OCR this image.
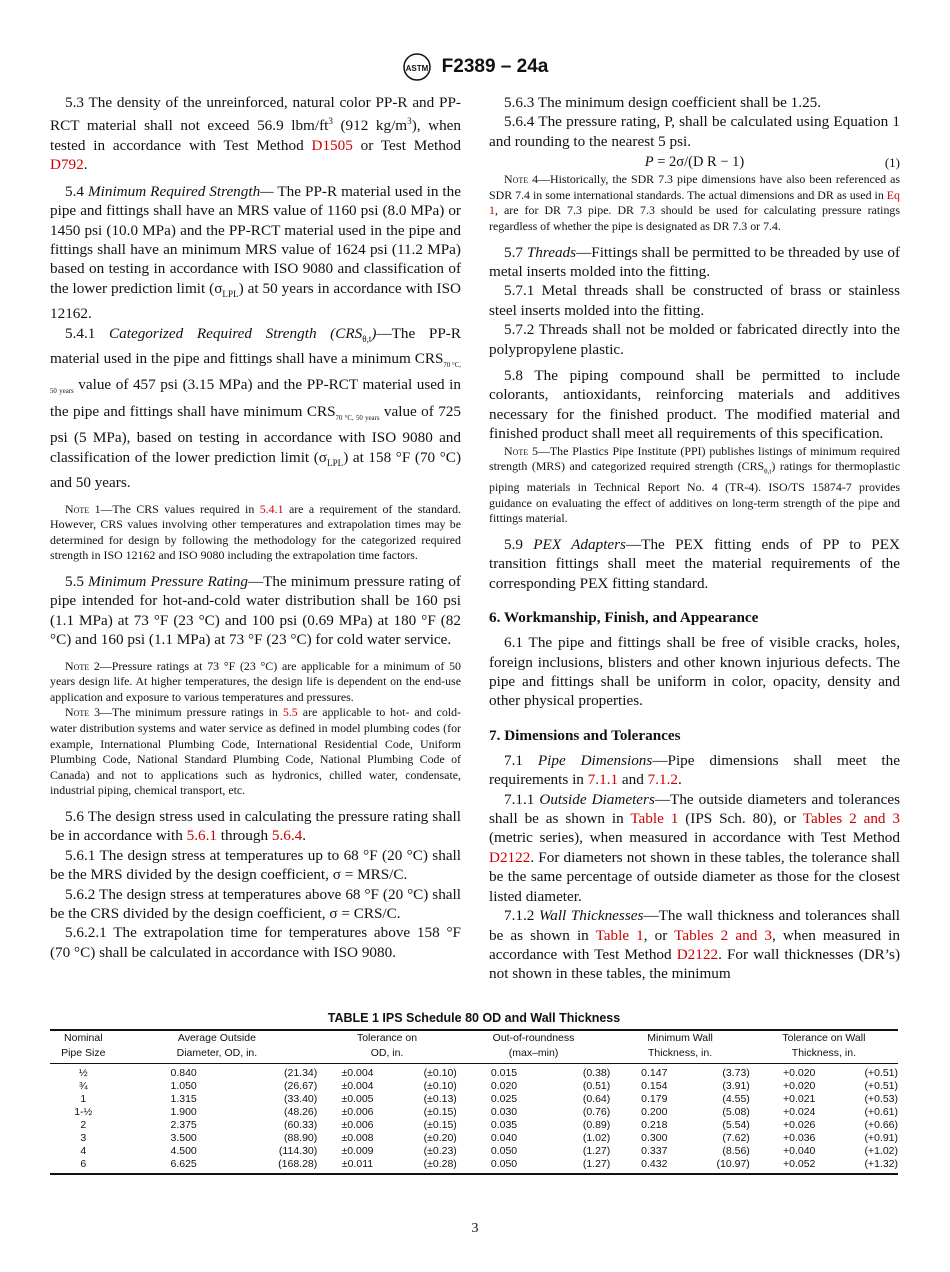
ASTM F2389 – 24a
5.3 The density of the unreinforced, natural color PP-R and PP-RCT material shall not exceed 56.9 lbm/$ft^3$ (912 $kg/m^3$), when tested in accordance with Test Method D1505 or Test Method D792.
5.4 Minimum Required Strength— The PP-R material used in the pipe and fittings shall have an MRS value of 1160 psi (8.0 MPa) or 1450 psi (10.0 MPa) and the PP-RCT material used in the pipe and fittings shall have an minimum MRS value of 1624 psi (11.2 MPa) based on testing in accordance with ISO 9080 and classification of the lower prediction limit $(\sigma_{LPL})$ at 50 years in accordance with ISO 12162.
5.4.1 Categorized Required Strength $(CRS_{\theta,t})—The$ PP-R material used in the pipe and fittings shall have a minimum $CRS_{70 ^\circ C, 50 years}$ value of 457 psi (3.15 MPa) and the PP-RCT material used in the pipe and fittings shall have minimum $CRS_{70 ^\circ C, 50 years}$ value of 725 psi (5 MPa), based on testing in accordance with ISO 9080 and classification of the lower prediction limit $(\sigma_{LPL})$ at 158 °F (70 °C) and 50 years.
Note 1—The CRS values required in 5.4.1 are a requirement of the standard. However, CRS values involving other temperatures and extrapolation times may be determined for design by following the methodology for the categorized required strength in ISO 12162 and ISO 9080 including the extrapolation time factors.
5.5 Minimum Pressure Rating—The minimum pressure rating of pipe intended for hot-and-cold water distribution shall be 160 psi (1.1 MPa) at 73 °F (23 °C) and 100 psi (0.69 MPa) at 180 °F (82 °C) and 160 psi (1.1 MPa) at 73 °F (23 °C) for cold water service.
Note 2—Pressure ratings at 73 °F (23 °C) are applicable for a minimum of 50 years design life. At higher temperatures, the design life is dependent on the end-use application and exposure to various temperatures and pressures.
Note 3—The minimum pressure ratings in 5.5 are applicable to hot- and cold-water distribution systems and water service as defined in model plumbing codes (for example, International Plumbing Code, International Residential Code, Uniform Plumbing Code, National Standard Plumbing Code, National Plumbing Code of Canada) and not to applications such as hydronics, chilled water, condensate, industrial piping, chemical transport, etc.
5.6 The design stress used in calculating the pressure rating shall be in accordance with 5.6.1 through 5.6.4.
5.6.1 The design stress at temperatures up to 68 °F (20 °C) shall be the MRS divided by the design coefficient, σ = MRS/C.
5.6.2 The design stress at temperatures above 68 °F (20 °C) shall be the CRS divided by the design coefficient, σ = CRS/C.
5.6.2.1 The extrapolation time for temperatures above 158 °F (70 °C) shall be calculated in accordance with ISO 9080.
5.6.3 The minimum design coefficient shall be 1.25.
5.6.4 The pressure rating, P, shall be calculated using Equation 1 and rounding to the nearest 5 psi.
P = 2σ/(D R − 1)	(1)
Note 4—Historically, the SDR 7.3 pipe dimensions have also been referenced as SDR 7.4 in some international standards. The actual dimensions and DR as used in Eq 1, are for DR 7.3 pipe. DR 7.3 should be used for calculating pressure ratings regardless of whether the pipe is designated as DR 7.3 or 7.4.
5.7 Threads—Fittings shall be permitted to be threaded by use of metal inserts molded into the fitting.
5.7.1 Metal threads shall be constructed of brass or stainless steel inserts molded into the fitting.
5.7.2 Threads shall not be molded or fabricated directly into the polypropylene plastic.
5.8 The piping compound shall be permitted to include colorants, antioxidants, reinforcing materials and additives necessary for the finished product. The modified material and finished product shall meet all requirements of this specification.
Note 5—The Plastics Pipe Institute (PPI) publishes listings of minimum required strength (MRS) and categorized required strength $(CRS_{\theta,t})$ ratings for thermoplastic piping materials in Technical Report No. 4 (TR-4). ISO/TS 15874-7 provides guidance on evaluating the effect of additives on long-term strength of the pipe and fittings material.
5.9 PEX Adapters—The PEX fitting ends of PP to PEX transition fittings shall meet the material requirements of the corresponding PEX fitting standard.
6. Workmanship, Finish, and Appearance
6.1 The pipe and fittings shall be free of visible cracks, holes, foreign inclusions, blisters and other known injurious defects. The pipe and fittings shall be uniform in color, opacity, density and other physical properties.
7. Dimensions and Tolerances
7.1 Pipe Dimensions—Pipe dimensions shall meet the requirements in 7.1.1 and 7.1.2.
7.1.1 Outside Diameters—The outside diameters and tolerances shall be as shown in Table 1 (IPS Sch. 80), or Tables 2 and 3 (metric series), when measured in accordance with Test Method D2122. For diameters not shown in these tables, the tolerance shall be the same percentage of outside diameter as those for the closest listed diameter.
7.1.2 Wall Thicknesses—The wall thickness and tolerances shall be as shown in Table 1, or Tables 2 and 3, when measured in accordance with Test Method D2122. For wall thicknesses (DR’s) not shown in these tables, the minimum
TABLE 1 IPS Schedule 80 OD and Wall Thickness
Nominal	Average Outside		Tolerance on		Out-of-roundness		Minimum Wall		Tolerance on Wall	
Pipe Size	Diameter, OD, in.		OD, in.		(max–min)		Thickness, in.		Thickness, in.	
½	0.840	(21.34)	±0.004	(±0.10)	0.015	(0.38)	0.147	(3.73)	+0.020	(+0.51)
¾	1.050	(26.67)	±0.004	(±0.10)	0.020	(0.51)	0.154	(3.91)	+0.020	(+0.51)
1	1.315	(33.40)	±0.005	(±0.13)	0.025	(0.64)	0.179	(4.55)	+0.021	(+0.53)
1-½	1.900	(48.26)	±0.006	(±0.15)	0.030	(0.76)	0.200	(5.08)	+0.024	(+0.61)
2	2.375	(60.33)	±0.006	(±0.15)	0.035	(0.89)	0.218	(5.54)	+0.026	(+0.66)
3	3.500	(88.90)	±0.008	(±0.20)	0.040	(1.02)	0.300	(7.62)	+0.036	(+0.91)
4	4.500	(114.30)	±0.009	(±0.23)	0.050	(1.27)	0.337	(8.56)	+0.040	(+1.02)
6	6.625	(168.28)	±0.011	(±0.28)	0.050	(1.27)	0.432	(10.97)	+0.052	(+1.32)
3
